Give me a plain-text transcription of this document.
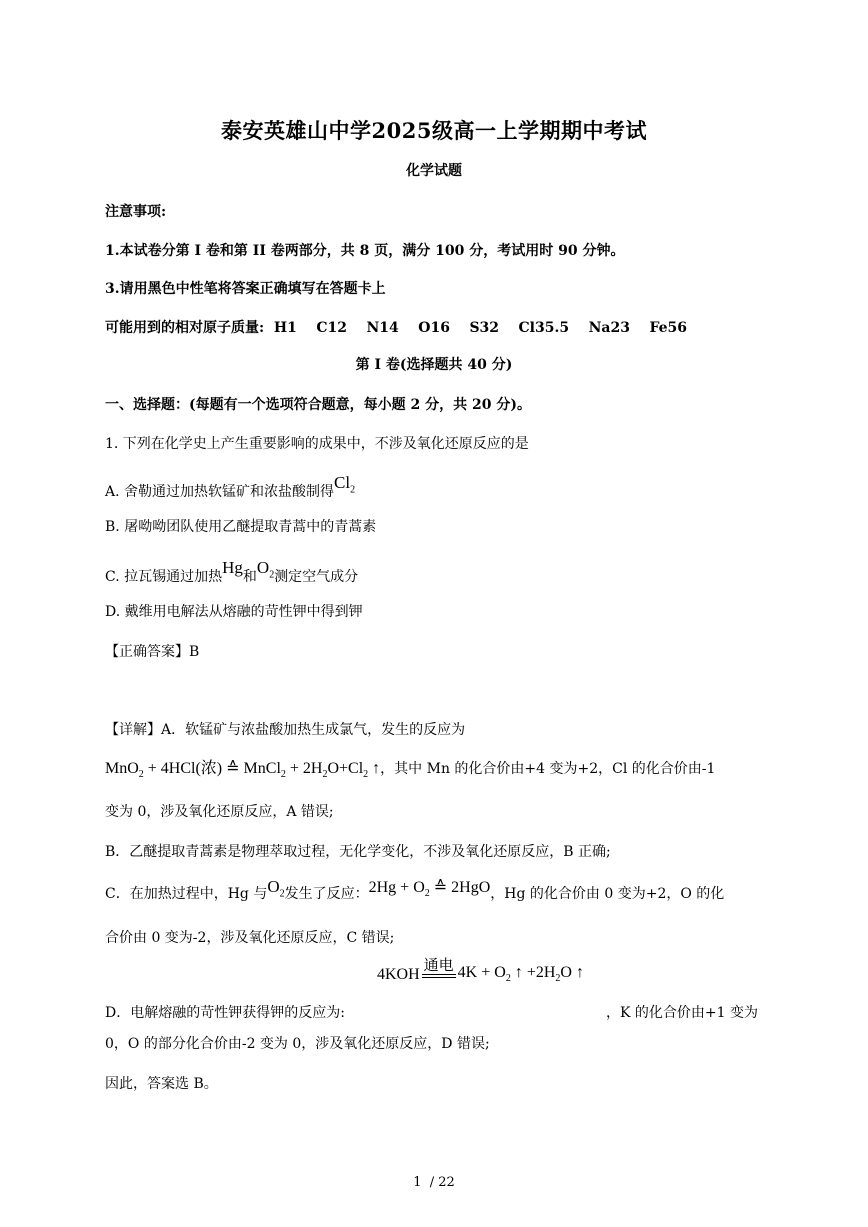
泰安英雄山中学2025级高一上学期期中考试
化学试题
注意事项:
1.本试卷分第 I 卷和第 II 卷两部分，共 8 页，满分 100 分，考试用时 90 分钟。
3.请用黑色中性笔将答案正确填写在答题卡上
可能用到的相对原子质量:  H1    C12    N14    O16    S32    Cl35.5    Na23    Fe56
第 I 卷(选择题共 40 分)
一、选择题：(每题有一个选项符合题意，每小题 2 分，共 20 分)。
1. 下列在化学史上产生重要影响的成果中，不涉及氧化还原反应的是
A. 舍勒通过加热软锰矿和浓盐酸制得$Cl_2$
B. 屠呦呦团队使用乙醚提取青蒿中的青蒿素
C. 拉瓦锡通过加热Hg和$O_2$测定空气成分
D. 戴维用电解法从熔融的苛性钾中得到钾
【正确答案】B
【详解】A．软锰矿与浓盐酸加热生成氯气，发生的反应为
MnO$_2$ + 4HCl(浓) ≙ MnCl$_2$ + $2H_2O+Cl_2$ ↑，其中 Mn 的化合价由+4 变为+2，Cl 的化合价由-1
变为 0，涉及氧化还原反应，A 错误;
B．乙醚提取青蒿素是物理萃取过程，无化学变化，不涉及氧化还原反应，B 正确;
C．在加热过程中，Hg 与$O_2$发生了反应：$2Hg + O_2$ ≙ 2HgO，Hg 的化合价由 0 变为+2，O 的化
合价由 0 变为-2，涉及氧化还原反应，C 错误;
4KOH 通电 $4K + O_2$ ↑ $+2H_2O$ ↑
D．电解熔融的苛性钾获得钾的反应为:	，K 的化合价由+1 变为
0，O 的部分化合价由-2 变为 0，涉及氧化还原反应，D 错误;
因此，答案选 B。
1  / 22
